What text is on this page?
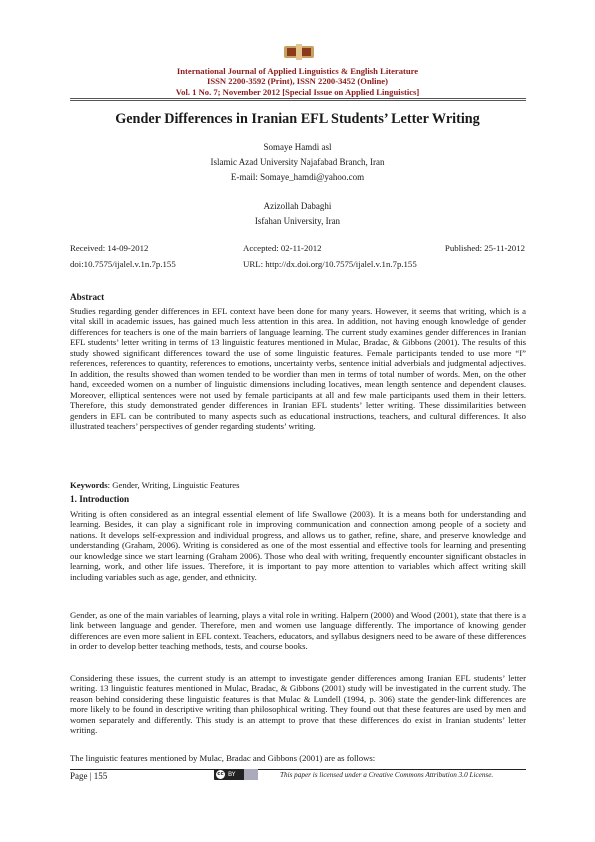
International Journal of Applied Linguistics & English Literature
ISSN 2200-3592 (Print), ISSN 2200-3452 (Online)
Vol. 1 No. 7; November 2012 [Special Issue on Applied Linguistics]
Gender Differences in Iranian EFL Students’ Letter Writing
Somaye Hamdi asl
Islamic Azad University Najafabad Branch, Iran
E-mail: Somaye_hamdi@yahoo.com
Azizollah Dabaghi
Isfahan University, Iran
Received: 14-09-2012	Accepted: 02-11-2012	Published: 25-11-2012
doi:10.7575/ijalel.v.1n.7p.155	URL: http://dx.doi.org/10.7575/ijalel.v.1n.7p.155
Abstract

Studies regarding gender differences in EFL context have been done for many years. However, it seems that writing, which is a vital skill in academic issues, has gained much less attention in this area. In addition, not having enough knowledge of gender differences for teachers is one of the main barriers of language learning. The current study examines gender differences in Iranian EFL students’ letter writing in terms of 13 linguistic features mentioned in Mulac, Bradac, & Gibbons (2001). The results of this study showed significant differences toward the use of some linguistic features. Female participants tended to use more “I” references, references to quantity, references to emotions, uncertainty verbs, sentence initial adverbials and judgmental adjectives. In addition, the results showed than women tended to be wordier than men in terms of total number of words. Men, on the other hand, exceeded women on a number of linguistic dimensions including locatives, mean length sentence and dependent clauses. Moreover, elliptical sentences were not used by female participants at all and few male participants used them in their letters. Therefore, this study demonstrated gender differences in Iranian EFL students’ letter writing. These dissimilarities between genders in EFL can be contributed to many aspects such as educational instructions, teachers, and cultural differences. It also illustrated teachers’ perspectives of gender regarding students’ writing.

Keywords: Gender, Writing, Linguistic Features
1. Introduction

Writing is often considered as an integral essential element of life Swallowe (2003). It is a means both for understanding and learning. Besides, it can play a significant role in improving communication and connection among people of a society and nations. It develops self-expression and individual progress, and allows us to gather, refine, share, and preserve knowledge and understanding (Graham, 2006). Writing is considered as one of the most essential and effective tools for learning and presenting our knowledge since we start learning (Graham 2006). Those who deal with writing, frequently encounter significant obstacles in learning, work, and other life issues. Therefore, it is important to pay more attention to variables which affect writing skill including variables such as age, gender, and ethnicity.

Gender, as one of the main variables of learning, plays a vital role in writing. Halpern (2000) and Wood (2001), state that there is a link between language and gender. Therefore, men and women use language differently. The importance of knowing gender differences are even more salient in EFL context. Teachers, educators, and syllabus designers need to be aware of these differences in order to develop better teaching methods, tests, and course books.

Considering these issues, the current study is an attempt to investigate gender differences among Iranian EFL students’ letter writing. 13 linguistic features mentioned in Mulac, Bradac, & Gibbons (2001) study will be investigated in the current study. The reason behind considering these linguistic features is that Mulac & Lundell (1994, p. 306) state the gender-link differences are more likely to be found in descriptive writing than philosophical writing. They found out that these features are used by men and women separately and differently. This study is an attempt to prove that these differences do exist in Iranian students’ letter writing.

The linguistic features mentioned by Mulac, Bradac and Gibbons (2001) are as follows:

Page | 155	cc BY	This paper is licensed under a Creative Commons Attribution 3.0 License.
